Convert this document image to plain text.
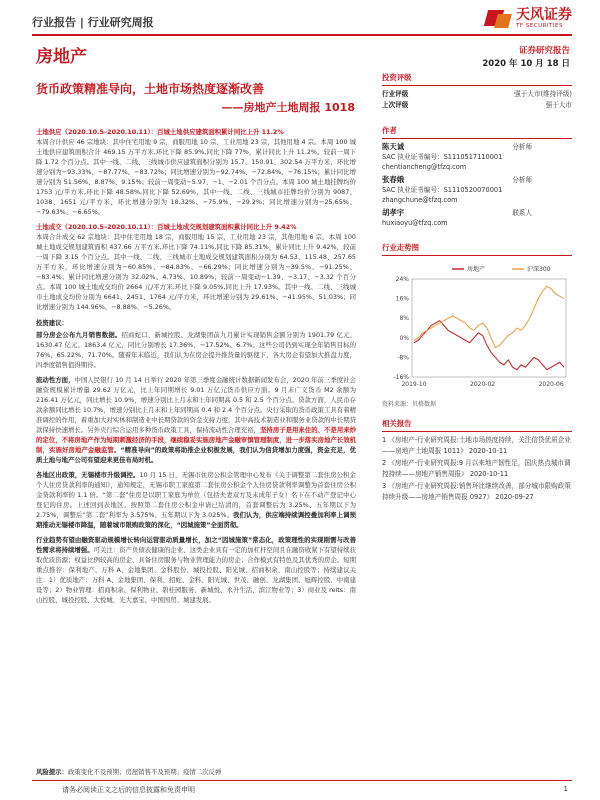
行业报告 | 行业研究周报	天风证券
TF SECURITIES
房地产	证券研究报告
2020 年 10 月 18 日
货币政策精准导向，土地市场热度逐渐改善
——房地产土地周报 1018

土地供应（2020.10.5–2020.10.11）：百城土地供应建筑面积累计同比上升 11.2%
本周合计供应 46 宗地块：其中住宅用地 9 宗，商服用地 10 宗，工业用地 23 宗，其他用地 4 宗。本周 100 城土地供应建筑面积合计 469.15 万平方米,环比下降 85.9%,同比下降 77%，累计同比上升 11.2%。较前一周下降 1.72 个百分点。其中一线、二线、三线城市供应建筑面积分别为 15.7、150.91、302.54 万平方米，环比增速分别为−93.33%、−87.77%、−83.72%；同比增速分别为−92.74%、−72.84%、−76.15%；累计同比增速分别为 51.56%、8.87%、9.15%；较前一周变动−5.97、−1、−2.01 个百分点。本周 100 城土地挂牌均价 1753 元/平方米,环比下降 48.58%,同比下降 52.69%，其中一线、二线、三线城市挂牌均价分别为 9087、1038、1651 元/平方米，环比增速分别为 18.32%、−75.9%、−29.2%；同比增速分别为−25.65%、−79.63%、−6.65%。

土地成交（2020.10.5–2020.10.11）：百城土地成交规划建筑面积累计同比上升 9.42%
本周合计成交 62 宗地块：其中住宅用地 18 宗，商服用地 15 宗，工业用地 23 宗，其他用地 6 宗。本周 100 城土地成交规划建筑面积 437.66 万平方米,环比下降 74.11%,同比下降 85.31%，累计同比上升 9.42%，较前一周下降 3.15 个百分点。其中一线、二线、三线城市土地成交规划建筑面积分别为 64.53、115.48、257.65 万平方米，环比增速分别为−60.85%、−84.83%、−66.29%；同比增速分别为−39.5%、−91.25%、−83.4%；累计同比增速分别为 32.02%、4.73%、10.89%；较前一周变动−1.39、−3.17、−3.32 个百分点。本周 100 城土地成交均价 2664 元/平方米,环比下降 9.05%,同比上升 17.93%。其中一线、二线、三线城市土地成交均价分别为 6641、2451、1764 元/平方米，环比增速分别为 29.61%、−41.95%、51.03%；同比增速分别为 144.96%、−8.88%、−5.26%。

投资建议：

部分房企公布九月销售数据。招商蛇口、新城控股、龙湖集团前九月累计实现销售金额分别为 1901.79 亿元、1630.47 亿元、1863.4 亿元，同比分别增长 17.36%、−17.52%、6.7%。这些公司仍到实现全年销售目标的 76%、65.22%、71.70%。随着年末临近，我们认为在房企提升推货量的驱使下，各大房企有望加大推盘力度，四季度销售值得期待。

流动性方面，中国人民银行 10 月 14 日举行 2020 年第三季度金融统计数据新闻发布会，2020 年前三季度社会融资规模累计增量 29.62 万亿元，比上年同期增长 9.01 万亿元货币供应方面。9 月末广义货币 M2 余额为 216.41 万亿元，同比增长 10.9%，增速分别比上月末和上年同期高 0.5 和 2.5 个百分点。贷款方面，人民币存款余额同比增长 10.7%，增速分别比上月末和上年同期高 0.4 和 2.4 个百分点。央行采取的货币政策工具有着精准调控的作用，着重加大对实体和制造业中长期贷款的资金支持力度，其中高技术制造业和服务业贷款的中长期贷款保持快速增长。另外央行综合运用多种货币政策工具，保持流动性合理充裕，坚持房子是用来住的、不是用来炒的定位，不将房地产作为短期刺激经济的手段，继续稳妥实施房地产金融审慎管理制度，进一步落实房地产长效机制，实施好房地产金融监管。“精准导向”的政策将助推企业积极发展，我们认为信贷增加力度强，资金充足，优质土地与地产公司有望迎来更佳布局时机。

各地区出政策，无锡楼市升级调控。10 月 15 日，无锡市住房公积金管理中心发布《关于调整第二套住房公积金个人住房贷款利率的通知》，通知规定，无锡市职工家庭第二套住房公积金个人住房贷款利率调整为首套住房公积金贷款利率的 1.1 倍。“第二套”住房是以职工家庭为单位（包括夫妻双方及未成年子女）名下在不动产登记中心登记的住房。上述回到表地区。按照第二套住房公积金申请已结清的，首套调整后为 3.25%、五年期以下为 2.75%，调整后“第二套”利率为 3.575%、五年期以下为 3.025%。我们认为，供应端持续调控叠加利率上调预期推动无锡楼市降温，随着城市限购政策的深化，“因城施策”全面贯彻。

行业趋势有望由融资驱动规模增长转向运营驱动质量增长，加之“因城施策”常态化，政策理性的实现刚需与改善性需求将持续增强。可关注：资产负债表健康的企业、这类企业具有一定的加杠杆空间且在融资收紧下有望持续获取优质资源；权益比例较高的房企、具备住房服务与物业管理能力的房企；合作模式有特色及其优秀的房企。短期重点推荐：保利地产、万科 A、金地集团、金科股份、城投控股、阳光城、招商积余、南山控股等；持续建议关注：1）优质地产：万科 A、金地集团、保利、招蛇、金科、阳光城、世茂、融创、龙湖集团、旭辉控股、中南建设等；2）物业管理：招商积余、保利物业、碧桂园服务、新城悦、永升生活、滨江物业等；3）商业及 reits：南山控股、城投控股、大悦城、光大嘉宝、中国国贸、城建发展。

投资评级
行业评级	强于大市(维持评级)
上次评级	强于大市
作者
陈天诚	分析师
SAC 执业证书编号：S1110517110001
chentiancheng@tfzq.com
张春娥	分析师
SAC 执业证书编号：S1110520070001
zhangchune@tfzq.com
胡孝宇	联系人
huxiaoyu@tfzq.com
行业走势图
24%
16%
8%
0%
-8%
-16%
2019-10	2020-02	2020-06
房地产	沪深300
资料来源：贝格数据
相关报告

1 《房地产-行业研究周报:土地市场热度持续，关注信贷优质企业——房地产土地周报 1011》 2020-10-11

2 《房地产-行业研究周报:9 月以来地产韧性足，国庆热点城市调控持续——房地产销售周报》 2020-10-11

3 《房地产-行业研究周报:销售环比继续改善，部分城市限购政策持续升级——房地产销售周报 0927》 2020-09-27

风险提示：政策变化不及预期；房屋销售不及预期；疫情二次反弹
请务必阅读正文之后的信息披露和免责申明	1
